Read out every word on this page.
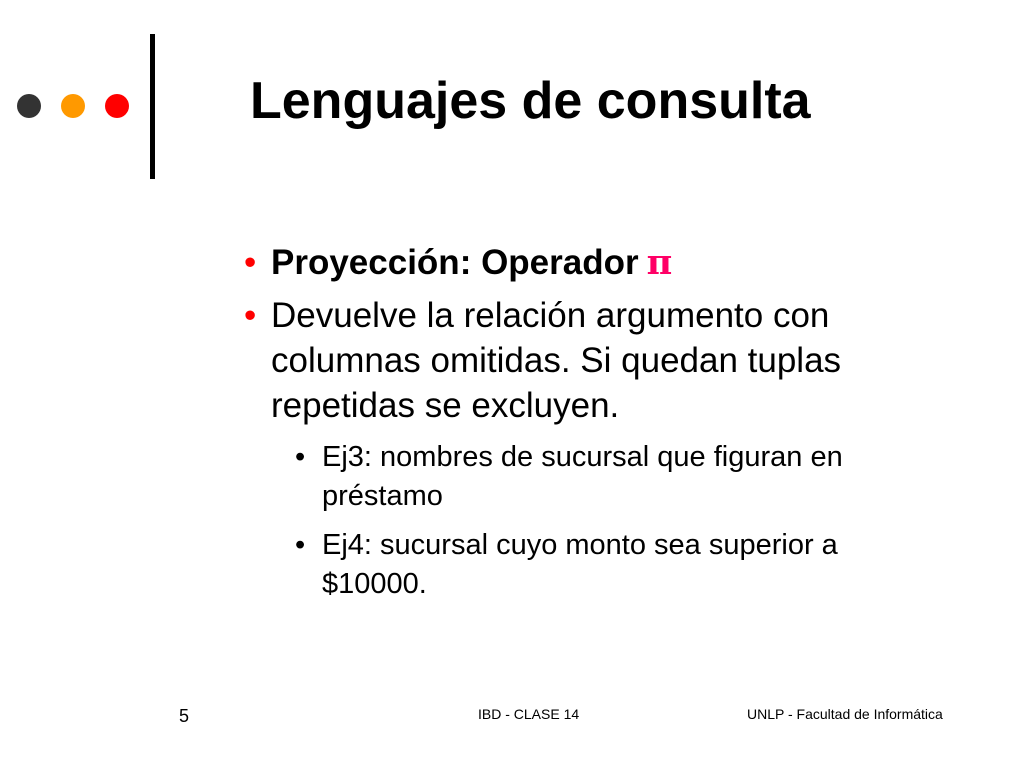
Lenguajes de consulta
• Proyección: Operador π
• Devuelve la relación argumento con columnas omitidas. Si quedan tuplas repetidas se excluyen.
• Ej3: nombres de sucursal que figuran en préstamo
• Ej4: sucursal cuyo monto sea superior a $10000.
5	IBD - CLASE 14	UNLP - Facultad de Informática
